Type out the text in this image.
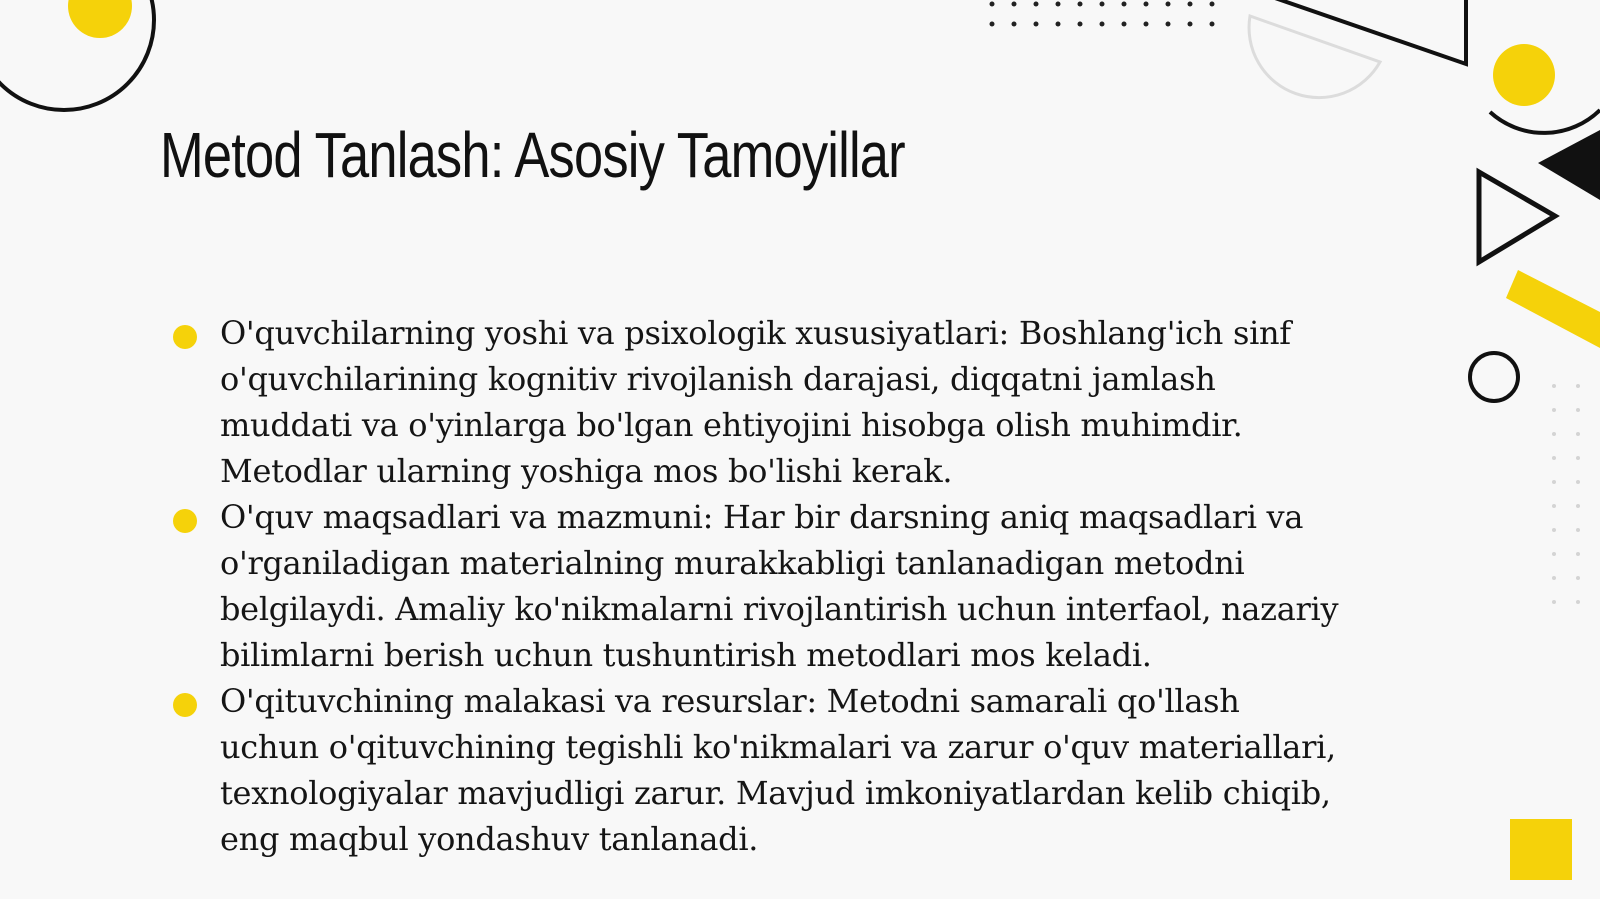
Metod Tanlash: Asosiy Tamoyillar
O'quvchilarning yoshi va psixologik xususiyatlari: Boshlang'ich sinf o'quvchilarining kognitiv rivojlanish darajasi, diqqatni jamlash muddati va o'yinlarga bo'lgan ehtiyojini hisobga olish muhimdir. Metodlar ularning yoshiga mos bo'lishi kerak.
O'quv maqsadlari va mazmuni: Har bir darsning aniq maqsadlari va o'rganiladigan materialning murakkabligi tanlanadigan metodni belgilaydi. Amaliy ko'nikmalarni rivojlantirish uchun interfaol, nazariy bilimlarni berish uchun tushuntirish metodlari mos keladi.
O'qituvchining malakasi va resurslar: Metodni samarali qo'llash uchun o'qituvchining tegishli ko'nikmalari va zarur o'quv materiallari, texnologiyalar mavjudligi zarur. Mavjud imkoniyatlardan kelib chiqib, eng maqbul yondashuv tanlanadi.
